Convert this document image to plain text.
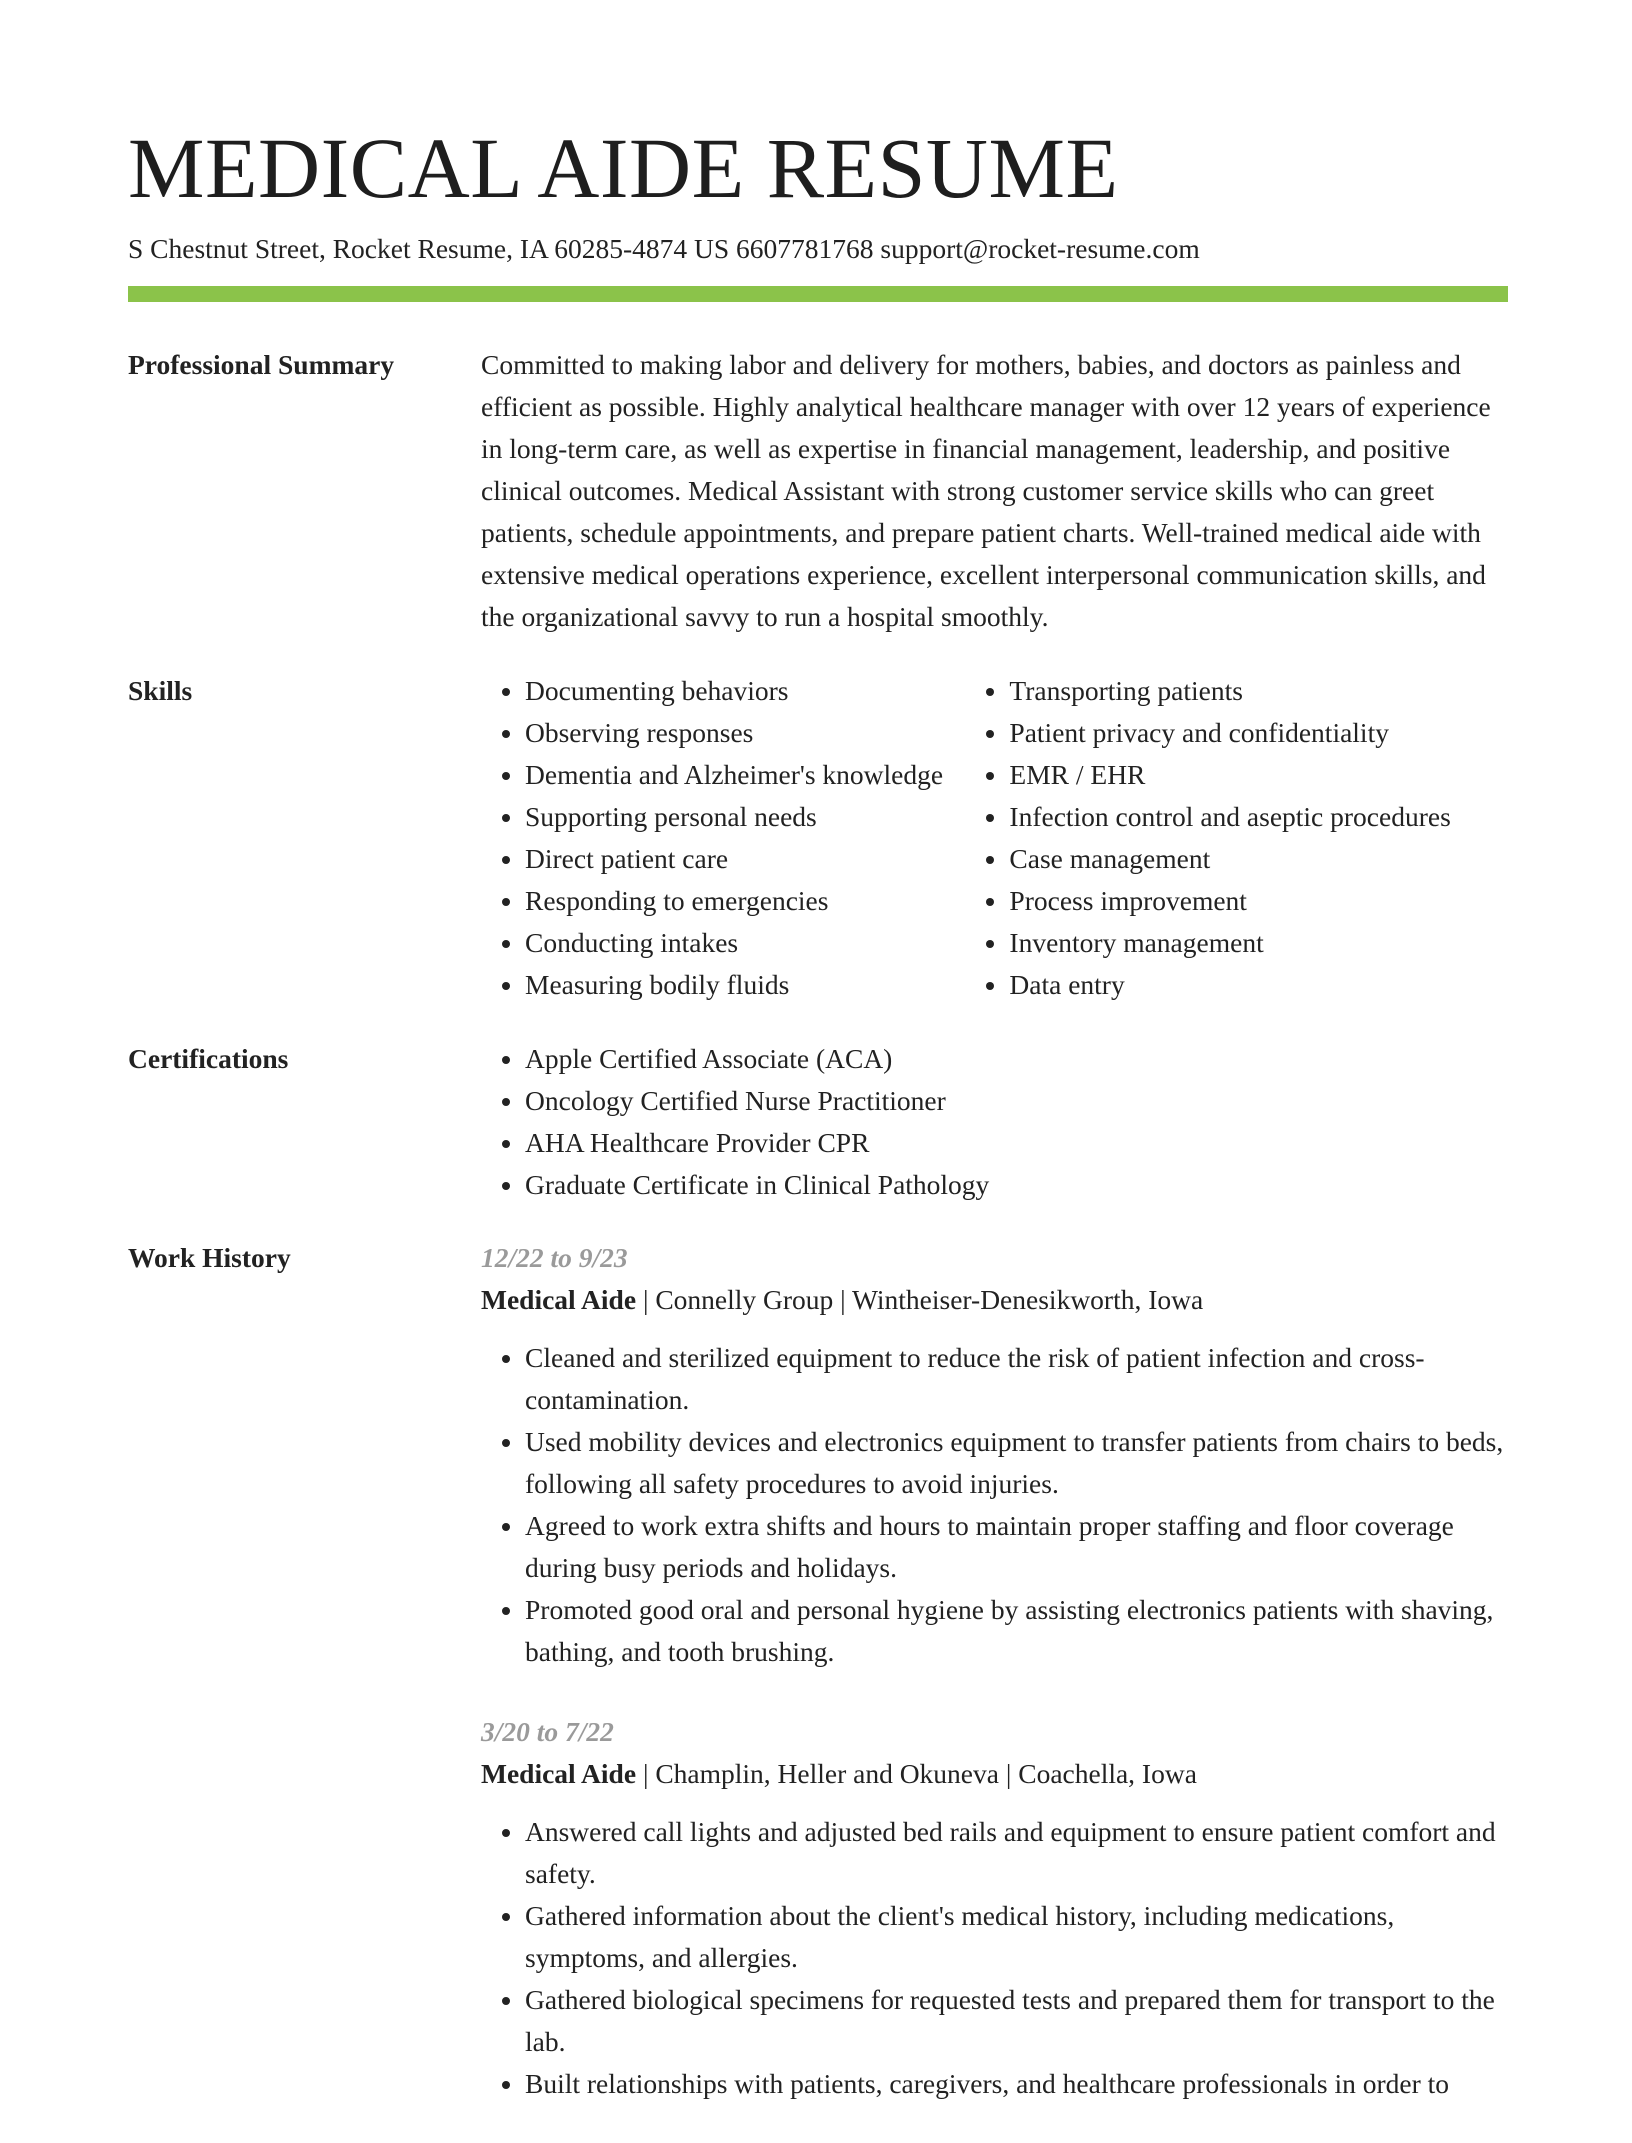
MEDICAL AIDE RESUME
S Chestnut Street, Rocket Resume, IA 60285-4874 US 6607781768 support@rocket-resume.com
Professional Summary	Committed to making labor and delivery for mothers, babies, and doctors as painless and efficient as possible. Highly analytical healthcare manager with over 12 years of experience in long-term care, as well as expertise in financial management, leadership, and positive clinical outcomes. Medical Assistant with strong customer service skills who can greet patients, schedule appointments, and prepare patient charts. Well-trained medical aide with extensive medical operations experience, excellent interpersonal communication skills, and the organizational savvy to run a hospital smoothly.

Skills	• Documenting behaviors
• Observing responses
• Dementia and Alzheimer's knowledge
• Supporting personal needs
• Direct patient care
• Responding to emergencies
• Conducting intakes
• Measuring bodily fluids
• Transporting patients
• Patient privacy and confidentiality
• EMR / EHR
• Infection control and aseptic procedures
• Case management
• Process improvement
• Inventory management
• Data entry
Certifications	• Apple Certified Associate (ACA)
• Oncology Certified Nurse Practitioner
• AHA Healthcare Provider CPR
• Graduate Certificate in Clinical Pathology
Work History	12/22 to 9/23
Medical Aide | Connelly Group | Wintheiser-Denesikworth, Iowa
• Cleaned and sterilized equipment to reduce the risk of patient infection and cross-contamination.
• Used mobility devices and electronics equipment to transfer patients from chairs to beds, following all safety procedures to avoid injuries.
• Agreed to work extra shifts and hours to maintain proper staffing and floor coverage during busy periods and holidays.
• Promoted good oral and personal hygiene by assisting electronics patients with shaving, bathing, and tooth brushing.
3/20 to 7/22
Medical Aide | Champlin, Heller and Okuneva | Coachella, Iowa
• Answered call lights and adjusted bed rails and equipment to ensure patient comfort and safety.
• Gathered information about the client's medical history, including medications, symptoms, and allergies.
• Gathered biological specimens for requested tests and prepared them for transport to the lab.
• Built relationships with patients, caregivers, and healthcare professionals in order to
